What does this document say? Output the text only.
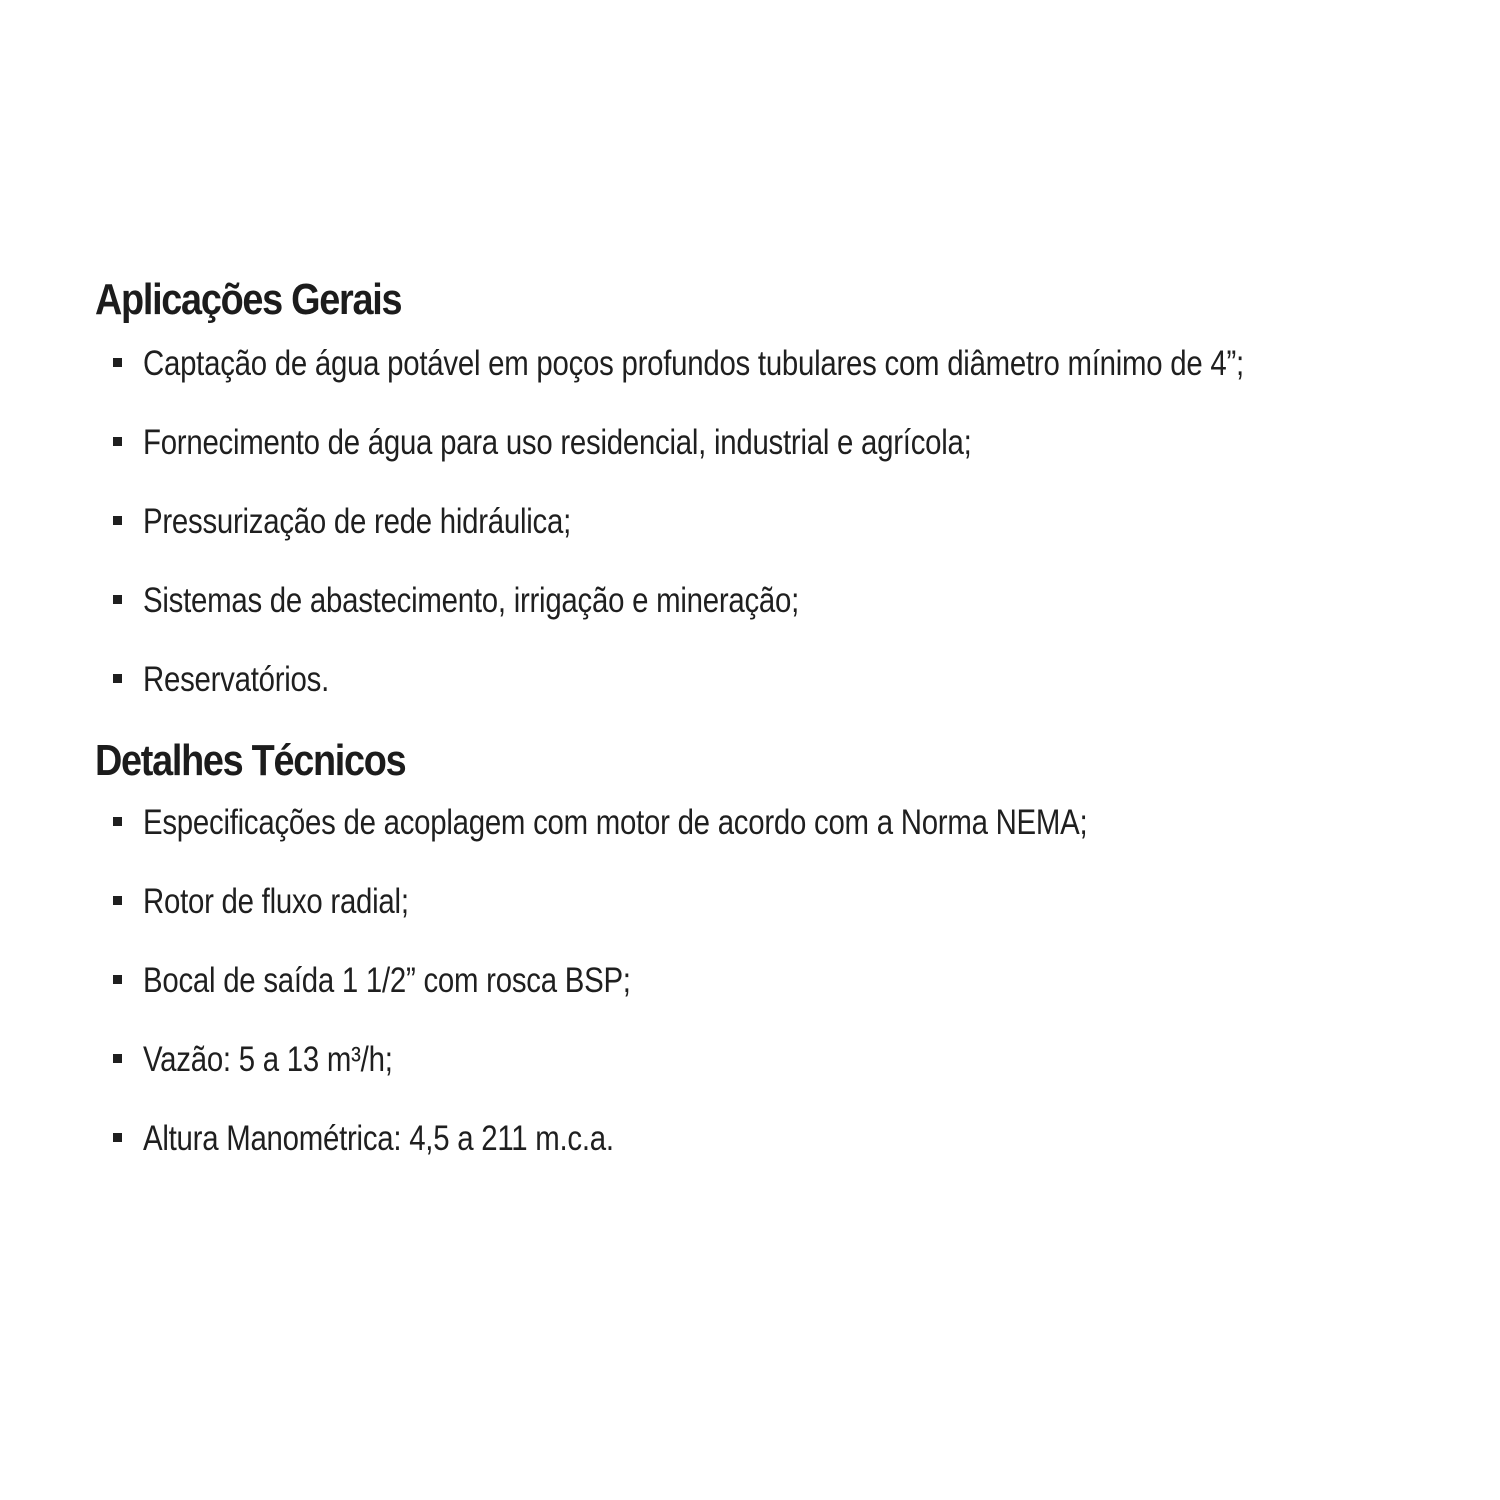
Aplicações Gerais
Captação de água potável em poços profundos tubulares com diâmetro mínimo de 4”;
Fornecimento de água para uso residencial, industrial e agrícola;
Pressurização de rede hidráulica;
Sistemas de abastecimento, irrigação e mineração;
Reservatórios.
Detalhes Técnicos
Especificações de acoplagem com motor de acordo com a Norma NEMA;
Rotor de fluxo radial;
Bocal de saída 1 1/2” com rosca BSP;
Vazão: 5 a 13 m³/h;
Altura Manométrica: 4,5 a 211 m.c.a.
